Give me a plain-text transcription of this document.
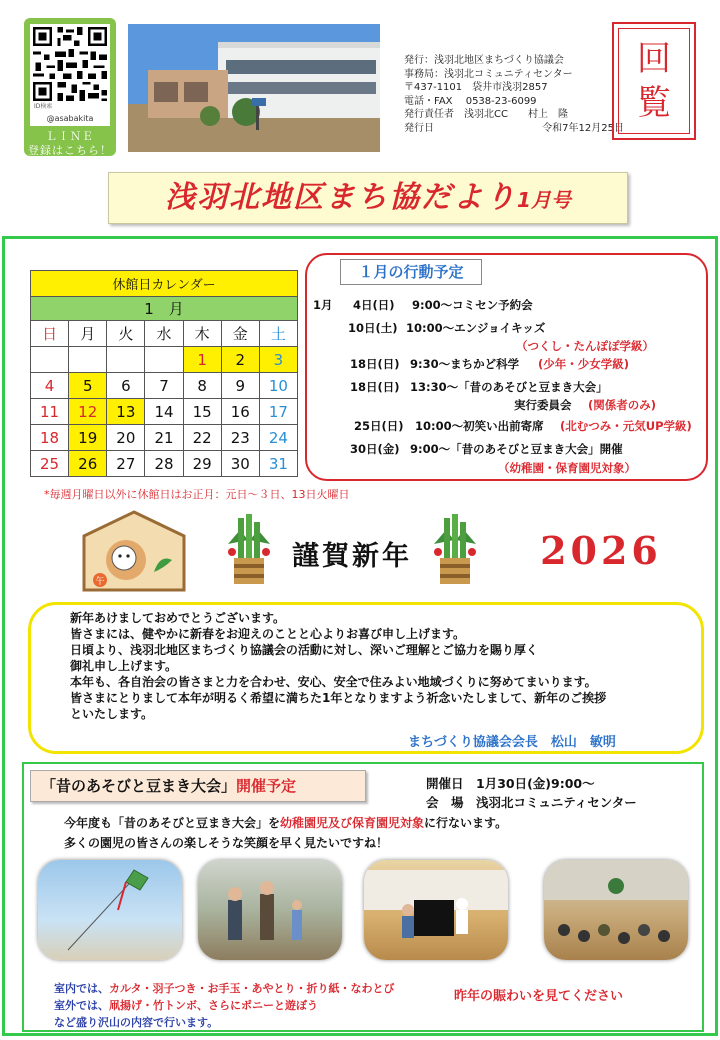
ID検索
@asabakita
ＬＩＮＥ
登録はこちら！
発行：浅羽北地区まちづくり協議会
事務局：浅羽北コミュニティセンター
〒437-1101　袋井市浅羽2857
電話・FAX　 0538-23-6099
発行責任者　浅羽北CC　　村上　隆
発行日	令和7年12月25日
回
覧
浅羽北地区まち協だより1月号
休館日カレンダー						
1　月						
日	月	火	水	木	金	土
				1	2	3
4	5	6	7	8	9	10
11	12	13	14	15	16	17
18	19	20	21	22	23	24
25	26	27	28	29	30	31
*毎週月曜日以外に休館日はお正月：元日～３日、13日火曜日
１月の行動予定
1月 4日(日) 9:00～コミセン予約会
10日(土) 10:00～エンジョイキッズ
（つくし・たんぽぽ学級）
18日(日) 9:30～まちかど科学 (少年・少女学級)
18日(日) 13:30～「昔のあそびと豆まき大会」
実行委員会 (関係者のみ)
25日(日) 10:00～初笑い出前寄席 (北むつみ・元気UP学級)
30日(金) 9:00～「昔のあそびと豆まき大会」開催
（幼稚園・保育園児対象）
午
謹賀新年	2026

新年あけましておめでとうございます。

皆さまには、健やかに新春をお迎えのことと心よりお喜び申し上げます。

日頃より、浅羽北地区まちづくり協議会の活動に対し、深いご理解とご協力を賜り厚く

御礼申し上げます。

本年も、各自治会の皆さまと力を合わせ、安心、安全で住みよい地域づくりに努めてまいります。

皆さまにとりまして本年が明るく希望に満ちた1年となりますよう祈念いたしまして、新年のご挨拶

といたします。

まちづくり協議会会長　松山　敏明
「昔のあそびと豆まき大会」開催予定	開催日　1月30日(金)9:00～
会　場　浅羽北コミュニティセンター
今年度も「昔のあそびと豆まき大会」を幼稚園児及び保育園児対象に行ないます。
多くの園児の皆さんの楽しそうな笑顔を早く見たいですね！
室内では、カルタ・羽子つき・お手玉・あやとり・折り紙・なわとび
室外では、凧揚げ・竹トンボ、さらにポニーと遊ぼう
など盛り沢山の内容で行います。
昨年の賑わいを見てください
